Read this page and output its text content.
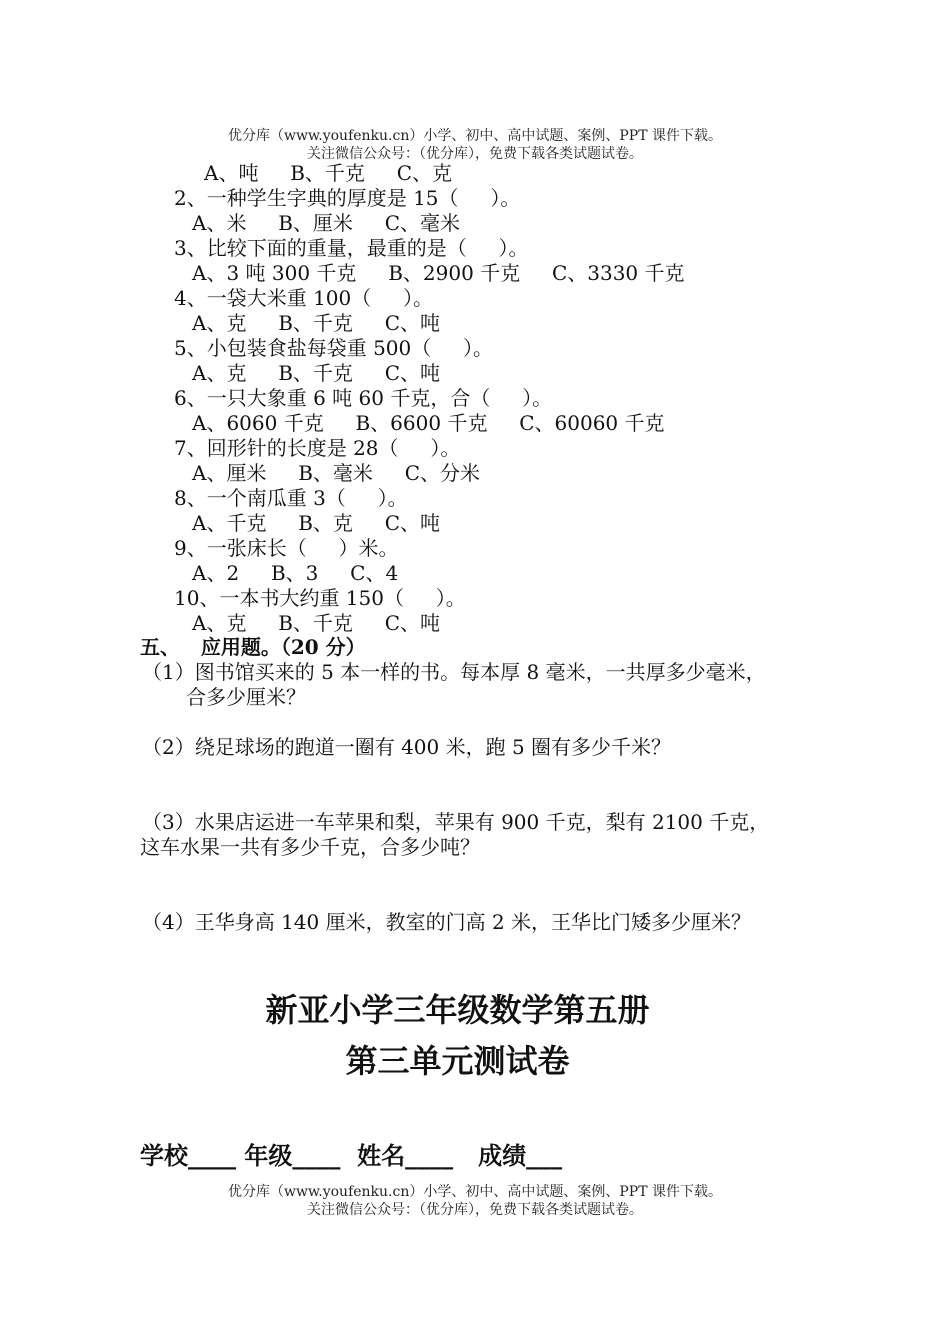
优分库（www.youfenku.cn）小学、初中、高中试题、案例、PPT 课件下载。
关注微信公众号：（优分库），免费下载各类试题试卷。
A、吨     B、千克     C、克
2、一种学生字典的厚度是 15（     ）。
A、米     B、厘米     C、毫米
3、比较下面的重量，最重的是（     ）。
A、3 吨 300 千克     B、2900 千克     C、3330 千克
4、一袋大米重 100（     ）。
A、克     B、千克     C、吨
5、小包装食盐每袋重 500（     ）。
A、克     B、千克     C、吨
6、一只大象重 6 吨 60 千克，合（     ）。
A、6060 千克     B、6600 千克     C、60060 千克
7、回形针的长度是 28（     ）。
A、厘米     B、毫米     C、分米
8、一个南瓜重 3（     ）。
A、千克     B、克     C、吨
9、一张床长（     ）米。
A、2     B、3     C、4
10、一本书大约重 150（     ）。
A、克     B、千克     C、吨
五、   应用题。（20 分）
（1）图书馆买来的 5 本一样的书。每本厚 8 毫米，一共厚多少毫米，
合多少厘米？
（2）绕足球场的跑道一圈有 400 米，跑 5 圈有多少千米？
（3）水果店运进一车苹果和梨，苹果有 900 千克，梨有 2100 千克，
这车水果一共有多少千克，合多少吨？
（4）王华身高 140 厘米，教室的门高 2 米，王华比门矮多少厘米？
新亚小学三年级数学第五册
第三单元测试卷
学校____ 年级____  姓名____   成绩___
优分库（www.youfenku.cn）小学、初中、高中试题、案例、PPT 课件下载。
关注微信公众号：（优分库），免费下载各类试题试卷。
